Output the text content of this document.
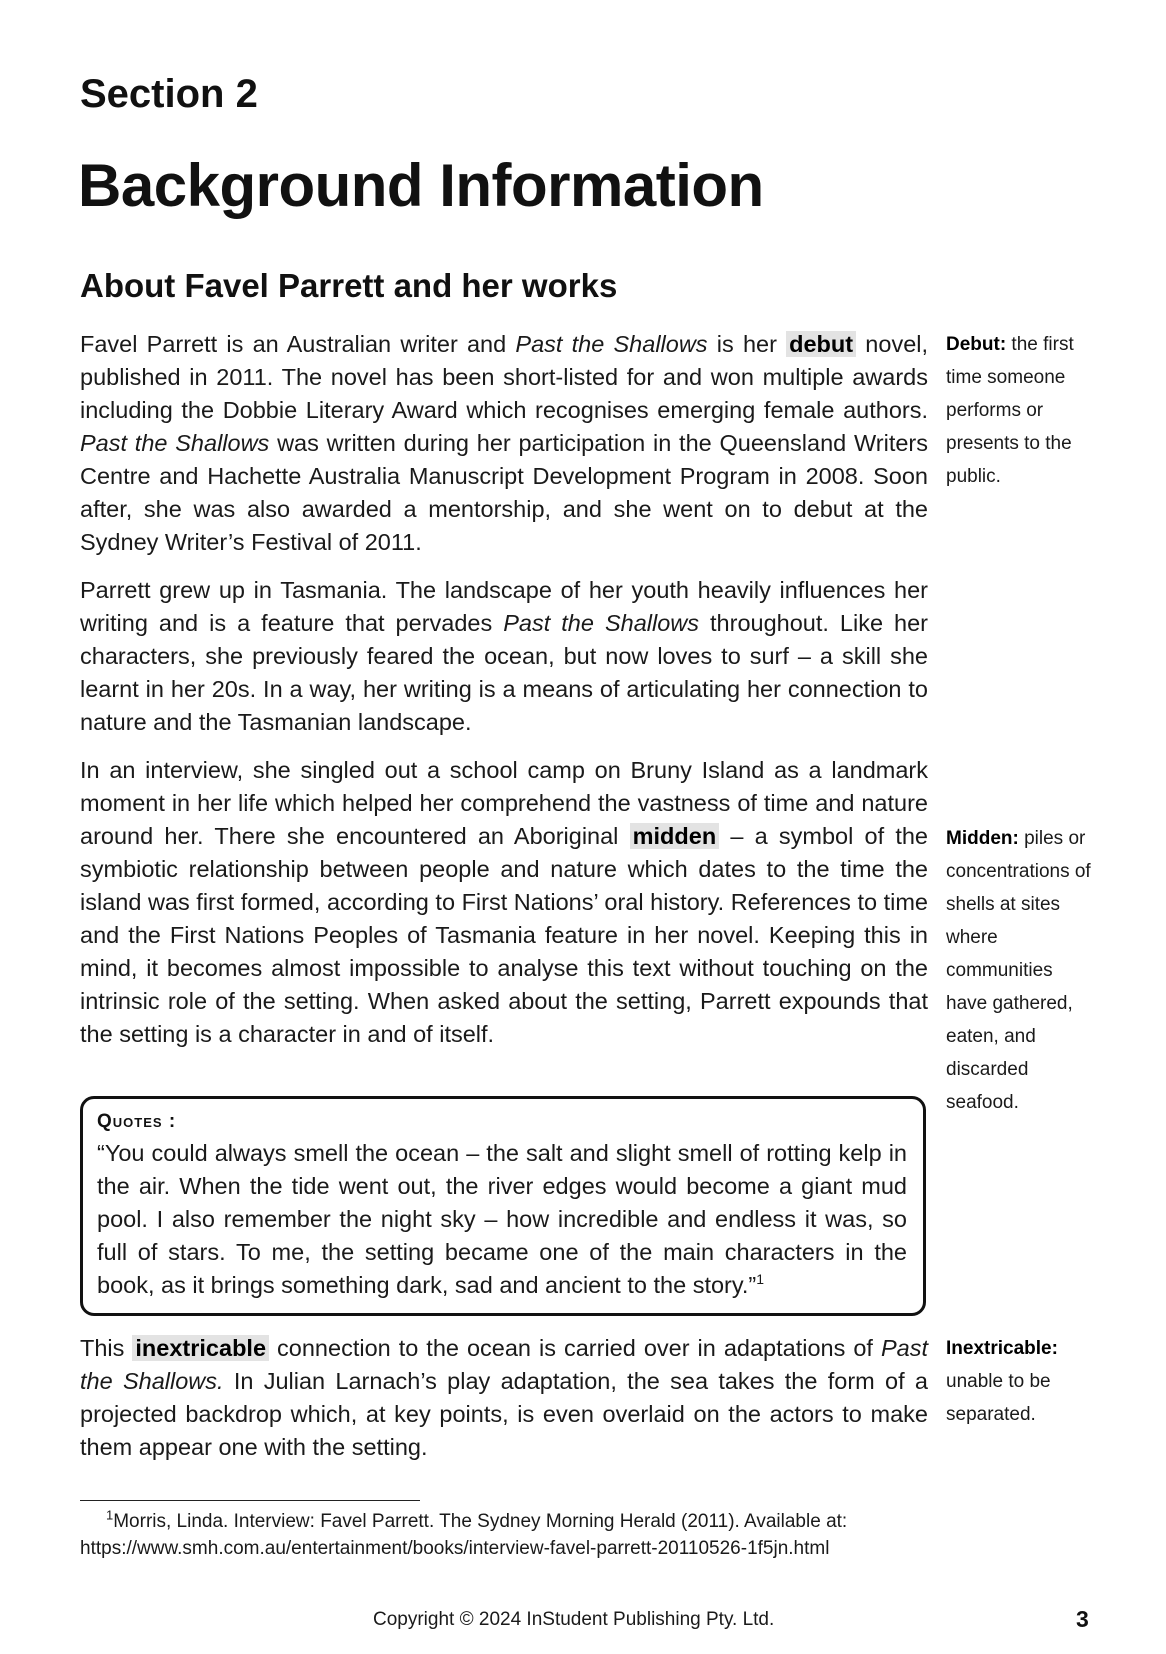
Section 2
Background Information
About Favel Parrett and her works

Favel Parrett is an Australian writer and Past the Shallows is her debut novel, published in 2011. The novel has been short-listed for and won multiple awards including the Dobbie Literary Award which recognises emerging female authors. Past the Shallows was written during her participation in the Queensland Writers Centre and Hachette Australia Manuscript Development Program in 2008. Soon after, she was also awarded a mentorship, and she went on to debut at the Sydney Writer’s Festival of 2011.

Debut: the first time someone performs or presents to the public.

Parrett grew up in Tasmania. The landscape of her youth heavily influences her writing and is a feature that pervades Past the Shallows throughout. Like her characters, she previously feared the ocean, but now loves to surf – a skill she learnt in her 20s. In a way, her writing is a means of articulating her connection to nature and the Tasmanian landscape.

In an interview, she singled out a school camp on Bruny Island as a landmark moment in her life which helped her comprehend the vastness of time and nature around her. There she encountered an Aboriginal midden – a symbol of the symbiotic relationship between people and nature which dates to the time the island was first formed, according to First Nations’ oral history. References to time and the First Nations Peoples of Tasmania feature in her novel. Keeping this in mind, it becomes almost impossible to analyse this text without touching on the intrinsic role of the setting. When asked about the setting, Parrett expounds that the setting is a character in and of itself.

Midden: piles or concentrations of shells at sites where communities have gathered, eaten, and discarded seafood.

Quotes :

“You could always smell the ocean – the salt and slight smell of rotting kelp in the air. When the tide went out, the river edges would become a giant mud pool. I also remember the night sky – how incredible and endless it was, so full of stars. To me, the setting became one of the main characters in the book, as it brings something dark, sad and ancient to the story.”$^1$

This inextricable connection to the ocean is carried over in adaptations of Past the Shallows. In Julian Larnach’s play adaptation, the sea takes the form of a projected backdrop which, at key points, is even overlaid on the actors to make them appear one with the setting.

Inextricable: unable to be separated.

$^1$Morris, Linda. Interview: Favel Parrett. The Sydney Morning Herald (2011). Available at:
https://www.smh.com.au/entertainment/books/interview-favel-parrett-20110526-1f5jn.html

Copyright © 2024 InStudent Publishing Pty. Ltd.	3
